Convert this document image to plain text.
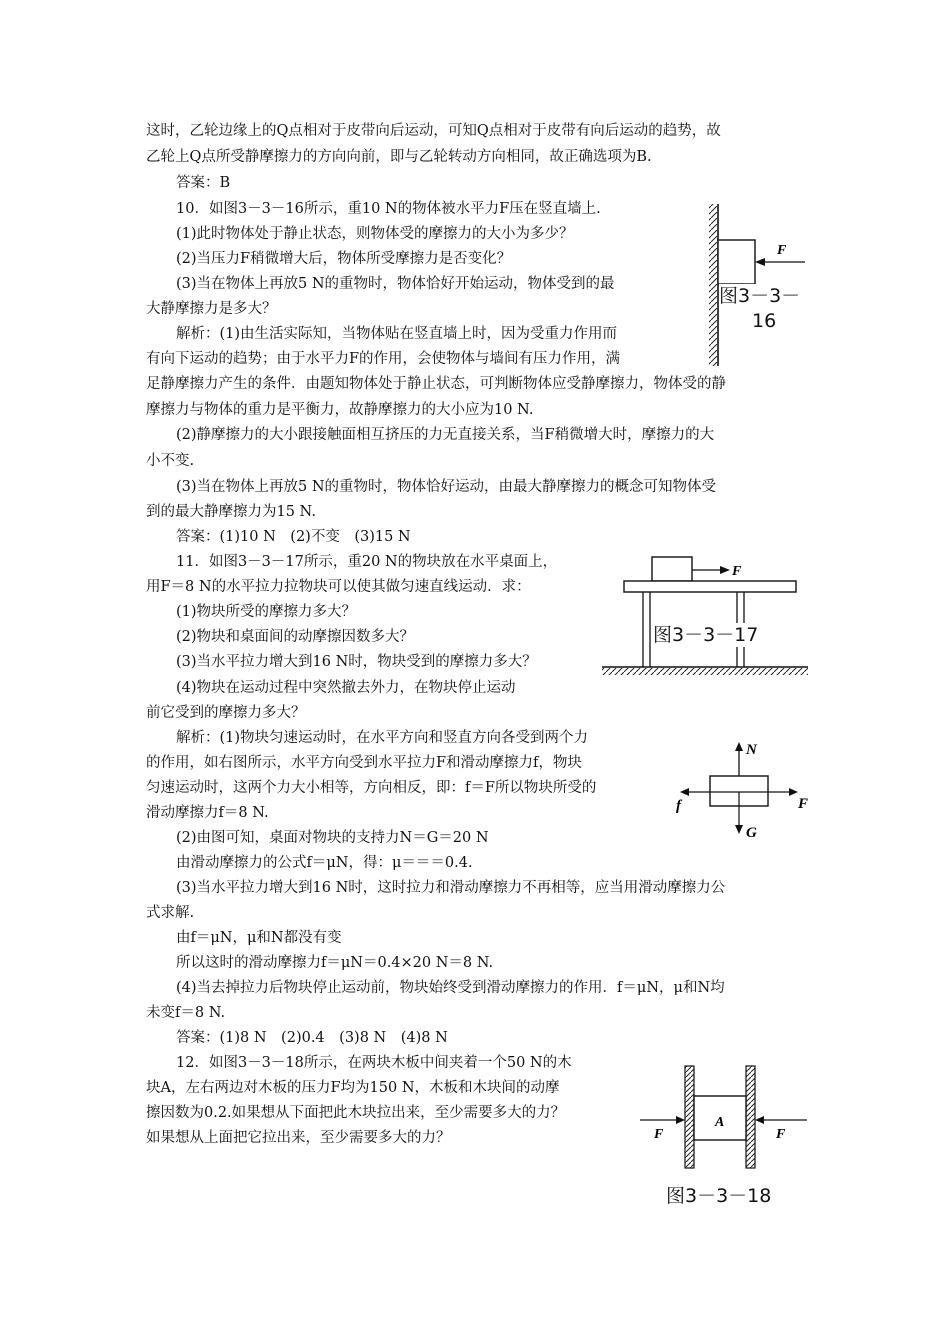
这时，乙轮边缘上的Q点相对于皮带向后运动，可知Q点相对于皮带有向后运动的趋势，故
乙轮上Q点所受静摩擦力的方向向前，即与乙轮转动方向相同，故正确选项为B.
答案：B
10．如图3－3－16所示，重10 N的物体被水平力F压在竖直墙上.
(1)此时物体处于静止状态，则物体受的摩擦力的大小为多少？
(2)当压力F稍微增大后，物体所受摩擦力是否变化？
(3)当在物体上再放5 N的重物时，物体恰好开始运动，物体受到的最
大静摩擦力是多大？
解析：(1)由生活实际知，当物体贴在竖直墙上时，因为受重力作用而
有向下运动的趋势；由于水平力F的作用，会使物体与墙间有压力作用，满
足静摩擦力产生的条件．由题知物体处于静止状态，可判断物体应受静摩擦力，物体受的静
摩擦力与物体的重力是平衡力，故静摩擦力的大小应为10 N.
(2)静摩擦力的大小跟接触面相互挤压的力无直接关系，当F稍微增大时，摩擦力的大
小不变.
(3)当在物体上再放5 N的重物时，物体恰好运动，由最大静摩擦力的概念可知物体受
到的最大静摩擦力为15 N.
答案：(1)10 N　(2)不变　(3)15 N
11．如图3－3－17所示，重20 N的物块放在水平桌面上，
用F＝8 N的水平拉力拉物块可以使其做匀速直线运动．求：
(1)物块所受的摩擦力多大？
(2)物块和桌面间的动摩擦因数多大？
(3)当水平拉力增大到16 N时，物块受到的摩擦力多大？
(4)物块在运动过程中突然撤去外力，在物块停止运动
前它受到的摩擦力多大？
解析：(1)物块匀速运动时，在水平方向和竖直方向各受到两个力
的作用，如右图所示，水平方向受到水平拉力F和滑动摩擦力f，物块
匀速运动时，这两个力大小相等，方向相反，即：f＝F所以物块所受的
滑动摩擦力f＝8 N.
(2)由图可知，桌面对物块的支持力N＝G＝20 N
由滑动摩擦力的公式f＝μN，得：μ＝＝＝0.4.
(3)当水平拉力增大到16 N时，这时拉力和滑动摩擦力不再相等，应当用滑动摩擦力公
式求解.
由f＝μN，μ和N都没有变
所以这时的滑动摩擦力f＝μN＝0.4×20 N＝8 N.
(4)当去掉拉力后物块停止运动前，物块始终受到滑动摩擦力的作用．f＝μN，μ和N均
未变f＝8 N.
答案：(1)8 N　(2)0.4　(3)8 N　(4)8 N
12．如图3－3－18所示，在两块木板中间夹着一个50 N的木
块A，左右两边对木板的压力F均为150 N，木板和木块间的动摩
擦因数为0.2.如果想从下面把此木块拉出来，至少需要多大的力？
如果想从上面把它拉出来，至少需要多大的力？
F
图3－3－
16
F
图3－3－17
N
f	F
G
A
F	F
图3－3－18
